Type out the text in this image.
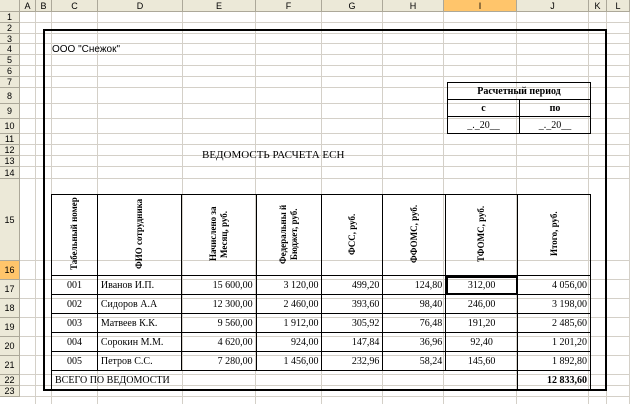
A	B	C	D	E	F	G	H	I	J	K	L
1
2
3
4
5
6
7
8
9
10
11
12
13
14
15
16
17
18
19
20
21
22
23
ООО "Снежок"
Расчетный период	
с	по
_._20__	_._20__
ВЕДОМОСТЬ РАСЧЕТА ЕСН
Табельный номер	ФИО сотрудника	Начислено за Месяц, руб.	Федеральны й Бюджет, руб.	ФСС, руб.	ФФОМС, руб.	ТФОМС, руб.	Итого, руб.
001	Иванов И.П.	15 600,00	3 120,00	499,20	124,80	312,00	4 056,00
002	Сидоров А.А	12 300,00	2 460,00	393,60	98,40	246,00	3 198,00
003	Матвеев К.К.	9 560,00	1 912,00	305,92	76,48	191,20	2 485,60
004	Сорокин М.М.	4 620,00	924,00	147,84	36,96	92,40	1 201,20
005	Петров С.С.	7 280,00	1 456,00	232,96	58,24	145,60	1 892,80
ВСЕГО ПО ВЕДОМОСТИ							12 833,60
